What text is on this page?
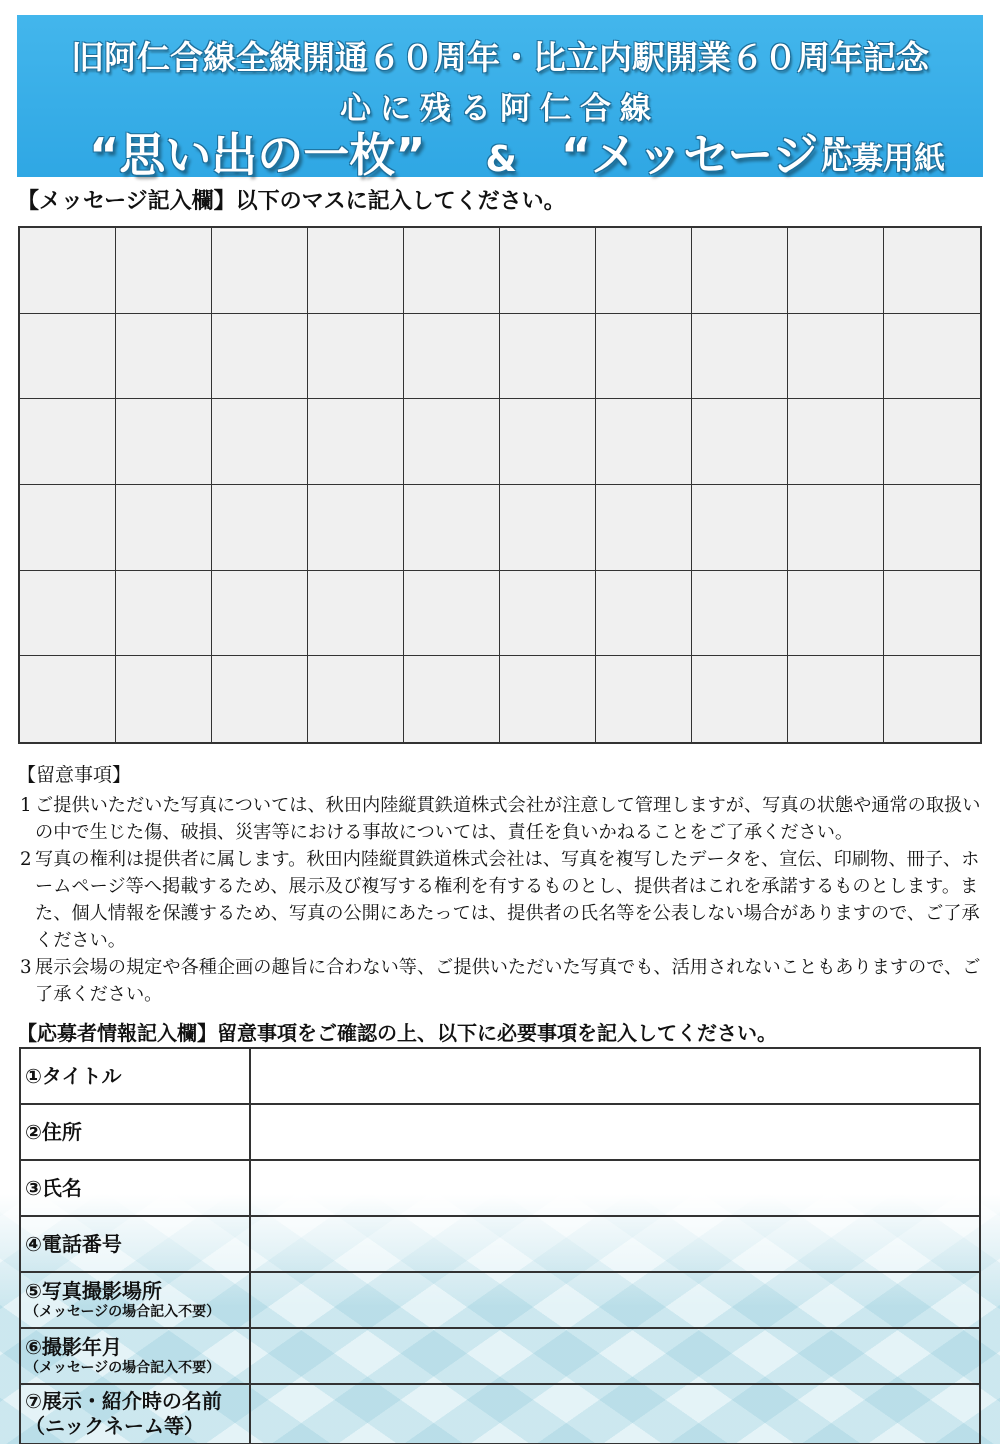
旧阿仁合線全線開通６０周年・比立内駅開業６０周年記念
心に残る阿仁合線
“思い出の一枚” & “メッセージ”
応募用紙
【メッセージ記入欄】以下のマスに記入してください。
【留意事項】
1 ご提供いただいた写真については、秋田内陸縦貫鉄道株式会社が注意して管理しますが、写真の状態や通常の取扱いの中で生じた傷、破損、災害等における事故については、責任を負いかねることをご了承ください。
2 写真の権利は提供者に属します。秋田内陸縦貫鉄道株式会社は、写真を複写したデータを、宣伝、印刷物、冊子、ホームページ等へ掲載するため、展示及び複写する権利を有するものとし、提供者はこれを承諾するものとします。また、個人情報を保護するため、写真の公開にあたっては、提供者の氏名等を公表しない場合がありますので、ご了承ください。
3 展示会場の規定や各種企画の趣旨に合わない等、ご提供いただいた写真でも、活用されないこともありますので、ご了承ください。
【応募者情報記入欄】留意事項をご確認の上、以下に必要事項を記入してください。
①タイトル	
②住所	
③氏名	
④電話番号	
⑤写真撮影場所
（メッセージの場合記入不要）	

⑥撮影年月
（メッセージの場合記入不要）	

⑦展示・紹介時の名前
（ニックネーム等）	
